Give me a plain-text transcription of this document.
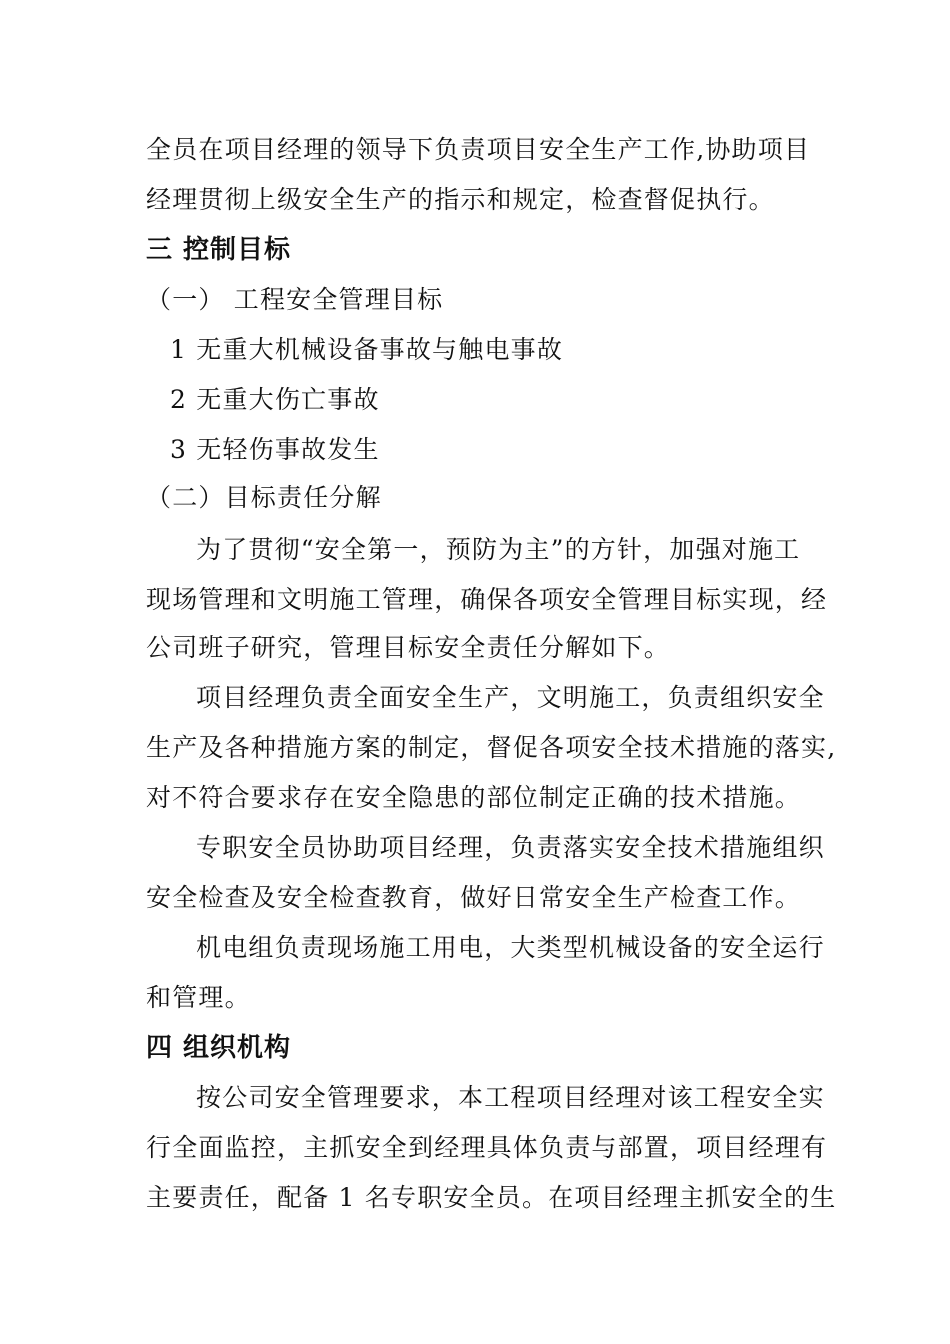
全员在项目经理的领导下负责项目安全生产工作,协助项目
经理贯彻上级安全生产的指示和规定，检查督促执行。
三 控制目标
（一） 工程安全管理目标
1 无重大机械设备事故与触电事故
2 无重大伤亡事故
3 无轻伤事故发生
（二）目标责任分解
为了贯彻“安全第一，预防为主”的方针，加强对施工
现场管理和文明施工管理，确保各项安全管理目标实现，经
公司班子研究，管理目标安全责任分解如下。
项目经理负责全面安全生产，文明施工，负责组织安全
生产及各种措施方案的制定，督促各项安全技术措施的落实,
对不符合要求存在安全隐患的部位制定正确的技术措施。
专职安全员协助项目经理，负责落实安全技术措施组织
安全检查及安全检查教育，做好日常安全生产检查工作。
机电组负责现场施工用电，大类型机械设备的安全运行
和管理。
四 组织机构
按公司安全管理要求，本工程项目经理对该工程安全实
行全面监控，主抓安全到经理具体负责与部置，项目经理有
主要责任，配备 1 名专职安全员。在项目经理主抓安全的生
